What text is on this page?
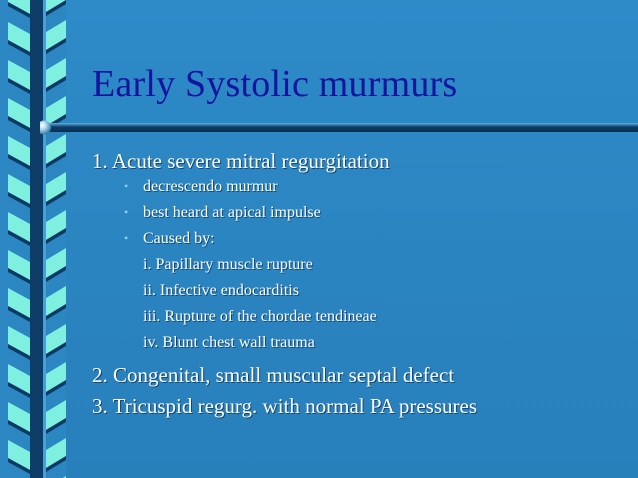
Early Systolic murmurs
1. Acute severe mitral regurgitation
• decrescendo murmur
• best heard at apical impulse
• Caused by:
i. Papillary muscle rupture
ii. Infective endocarditis
iii. Rupture of the chordae tendineae
iv. Blunt chest wall trauma
2. Congenital, small muscular septal defect
3. Tricuspid regurg. with normal PA pressures
